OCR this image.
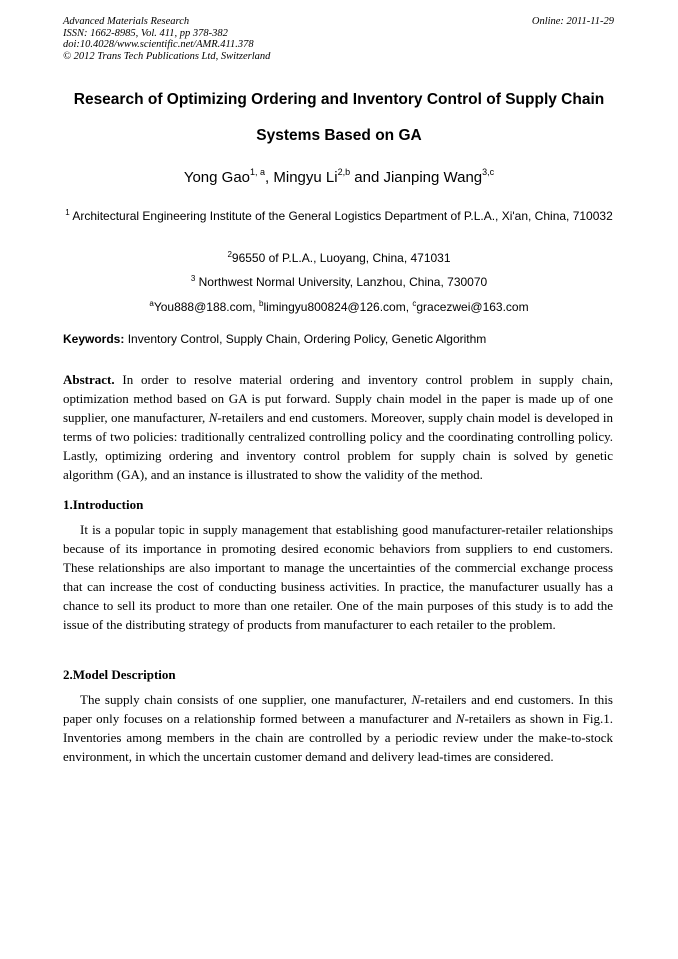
Advanced Materials Research
ISSN: 1662-8985, Vol. 411, pp 378-382
doi:10.4028/www.scientific.net/AMR.411.378
© 2012 Trans Tech Publications Ltd, Switzerland
Online: 2011-11-29
Research of Optimizing Ordering and Inventory Control of Supply Chain
Systems Based on GA
Yong Gao$^{1, a}$, Mingyu Li$^{2,b}$ and Jianping Wang$^{3,c}$
$^1$ Architectural Engineering Institute of the General Logistics Department of P.L.A., Xi'an, China, 710032
$^2$96550 of P.L.A., Luoyang, China, 471031
$^3$ Northwest Normal University, Lanzhou, China, 730070
$^a$You888@188.com, $^b$limingyu800824@126.com, $^c$gracezwei@163.com
Keywords: Inventory Control, Supply Chain, Ordering Policy, Genetic Algorithm
Abstract. In order to resolve material ordering and inventory control problem in supply chain, optimization method based on GA is put forward. Supply chain model in the paper is made up of one supplier, one manufacturer, N-retailers and end customers. Moreover, supply chain model is developed in terms of two policies: traditionally centralized controlling policy and the coordinating controlling policy. Lastly, optimizing ordering and inventory control problem for supply chain is solved by genetic algorithm (GA), and an instance is illustrated to show the validity of the method.
1.Introduction
It is a popular topic in supply management that establishing good manufacturer-retailer relationships because of its importance in promoting desired economic behaviors from suppliers to end customers. These relationships are also important to manage the uncertainties of the commercial exchange process that can increase the cost of conducting business activities. In practice, the manufacturer usually has a chance to sell its product to more than one retailer. One of the main purposes of this study is to add the issue of the distributing strategy of products from manufacturer to each retailer to the problem.
2.Model Description
The supply chain consists of one supplier, one manufacturer, N-retailers and end customers. In this paper only focuses on a relationship formed between a manufacturer and N-retailers as shown in Fig.1. Inventories among members in the chain are controlled by a periodic review under the make-to-stock environment, in which the uncertain customer demand and delivery lead-times are considered.
